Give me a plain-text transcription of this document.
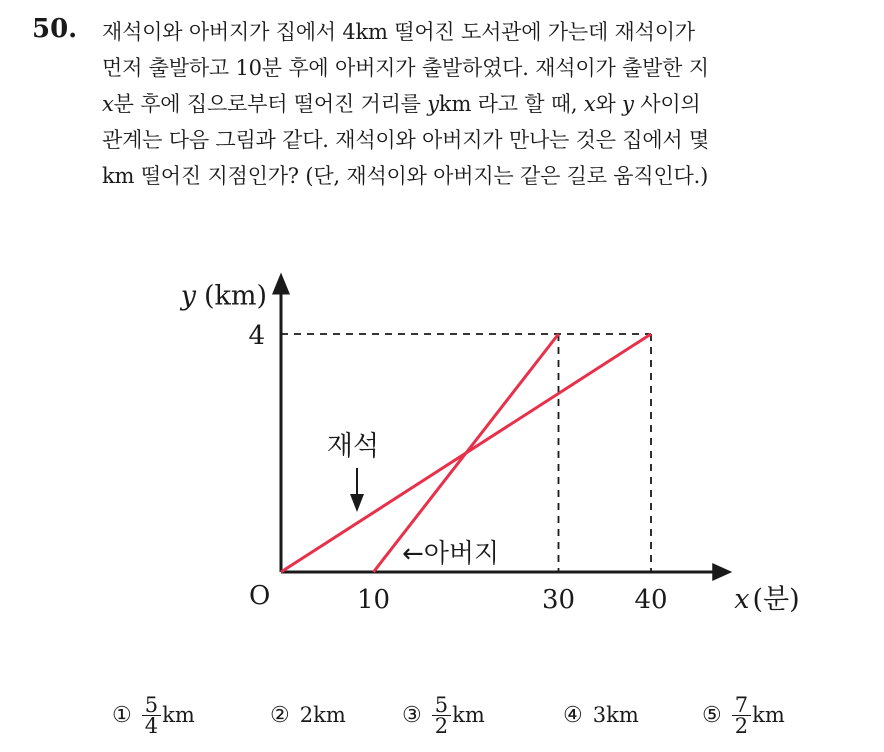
50. 재석이와 아버지가 집에서 4km 떨어진 도서관에 가는데 재석이가
먼저 출발하고 10분 후에 아버지가 출발하였다. 재석이가 출발한 지
x분 후에 집으로부터 떨어진 거리를 ykm 라고 할 때, x와 y 사이의
관계는 다음 그림과 같다. 재석이와 아버지가 만나는 것은 집에서 몇
km 떨어진 지점인가? (단, 재석이와 아버지는 같은 길로 움직인다.)
O
4
10	30 40
y (km)
x (분)
재석
←아버지
① $\frac{5}{4}$ km	② 2km	③ $\frac{5}{2}$ km	④ 3km	⑤ $\frac{7}{2}$ km
